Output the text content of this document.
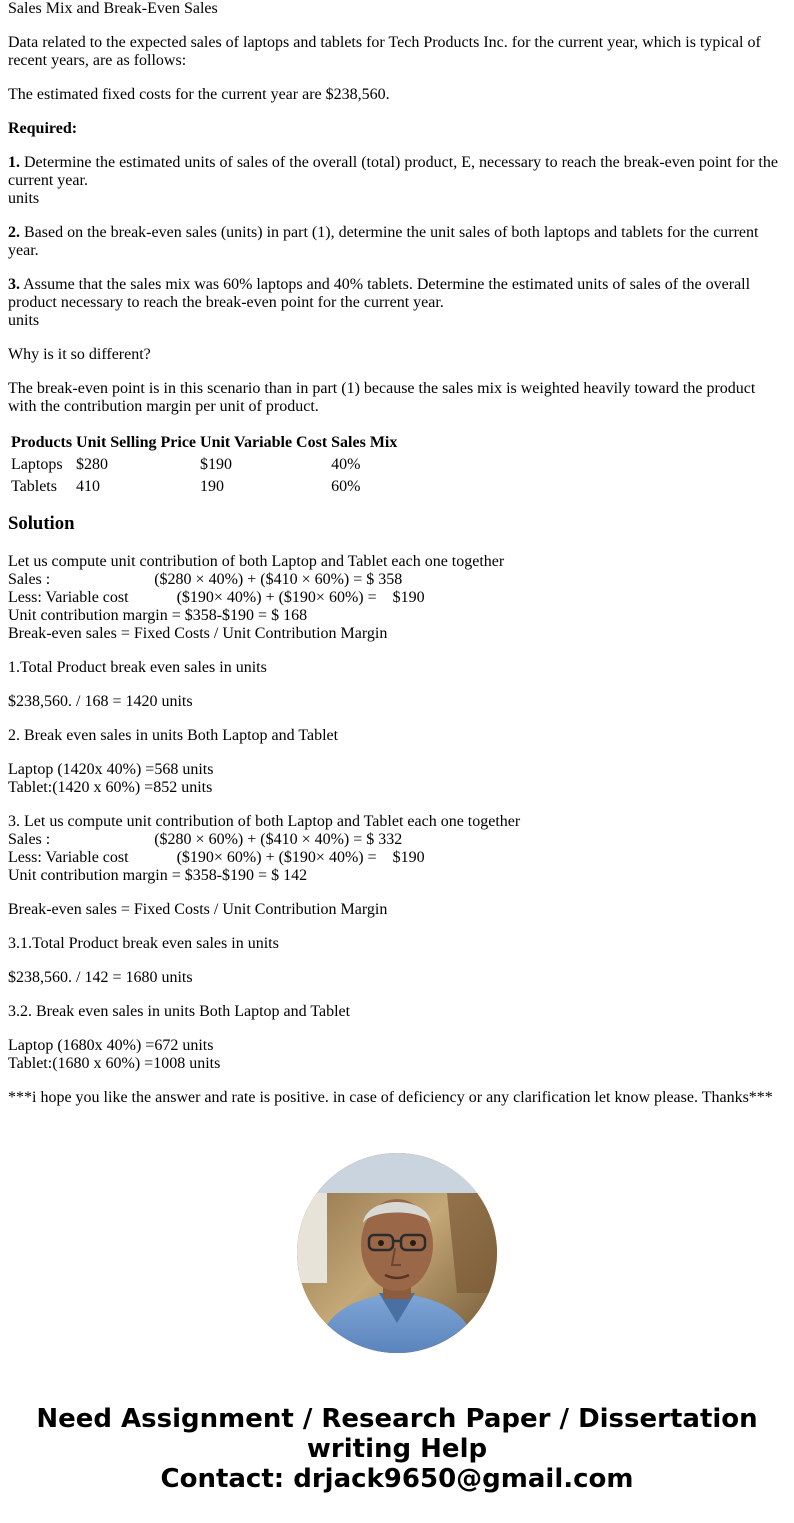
Sales Mix and Break-Even Sales
Data related to the expected sales of laptops and tablets for Tech Products Inc. for the current year, which is typical of recent years, are as follows:
The estimated fixed costs for the current year are $238,560.
Required:
1. Determine the estimated units of sales of the overall (total) product, E, necessary to reach the break-even point for the current year.
units
2. Based on the break-even sales (units) in part (1), determine the unit sales of both laptops and tablets for the current year.
3. Assume that the sales mix was 60% laptops and 40% tablets. Determine the estimated units of sales of the overall product necessary to reach the break-even point for the current year.
units
Why is it so different?
The break-even point is in this scenario than in part (1) because the sales mix is weighted heavily toward the product with the contribution margin per unit of product.
Products	Unit Selling Price	Unit Variable Cost	Sales Mix
Laptops	$280	$190	40%
Tablets	410	190	60%
Solution
Let us compute unit contribution of both Laptop and Tablet each one together
Sales :                          ($280 × 40%) + ($410 × 60%) = $ 358
Less: Variable cost            ($190× 40%) + ($190× 60%) =    $190
Unit contribution margin = $358-$190 = $ 168
Break-even sales = Fixed Costs / Unit Contribution Margin
1.Total Product break even sales in units
$238,560. / 168 = 1420 units
2. Break even sales in units Both Laptop and Tablet
Laptop (1420x 40%) =568 units
Tablet:(1420 x 60%) =852 units
3. Let us compute unit contribution of both Laptop and Tablet each one together
Sales :                          ($280 × 60%) + ($410 × 40%) = $ 332
Less: Variable cost            ($190× 60%) + ($190× 40%) =    $190
Unit contribution margin = $358-$190 = $ 142
Break-even sales = Fixed Costs / Unit Contribution Margin
3.1.Total Product break even sales in units
$238,560. / 142 = 1680 units
3.2. Break even sales in units Both Laptop and Tablet
Laptop (1680x 40%) =672 units
Tablet:(1680 x 60%) =1008 units
***i hope you like the answer and rate is positive. in case of deficiency or any clarification let know please. Thanks***
Need Assignment / Research Paper / Dissertation
writing Help
Contact: drjack9650@gmail.com
